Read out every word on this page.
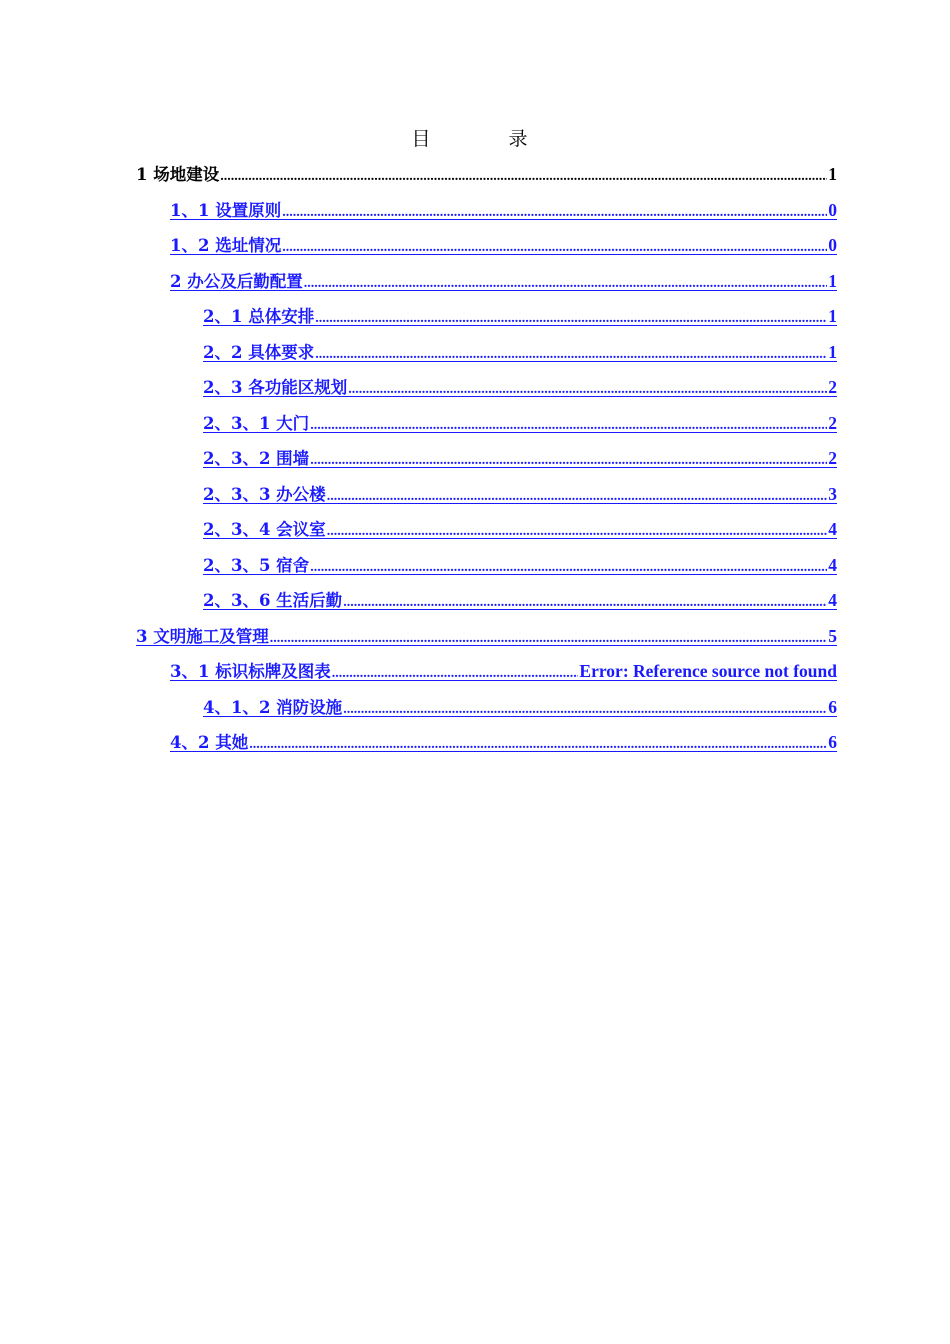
目 录
1 场地建设 .....	1
1、1 设置原则 .....	0
1、2 选址情况 .....	0
2 办公及后勤配置 .....	1
2、1 总体安排 .....	1
2、2 具体要求 .....	1
2、3 各功能区规划 .....	2
2、3、1 大门 .....	2
2、3、2 围墙 .....	2
2、3、3 办公楼 .....	3
2、3、4 会议室 .....	4
2、3、5 宿舍 .....	4
2、3、6 生活后勤 .....	4
3 文明施工及管理 .....	5
3、1 标识标牌及图表 .....	Error: Reference source not found
4、1、2 消防设施 .....	6
4、2 其她 .....	6
